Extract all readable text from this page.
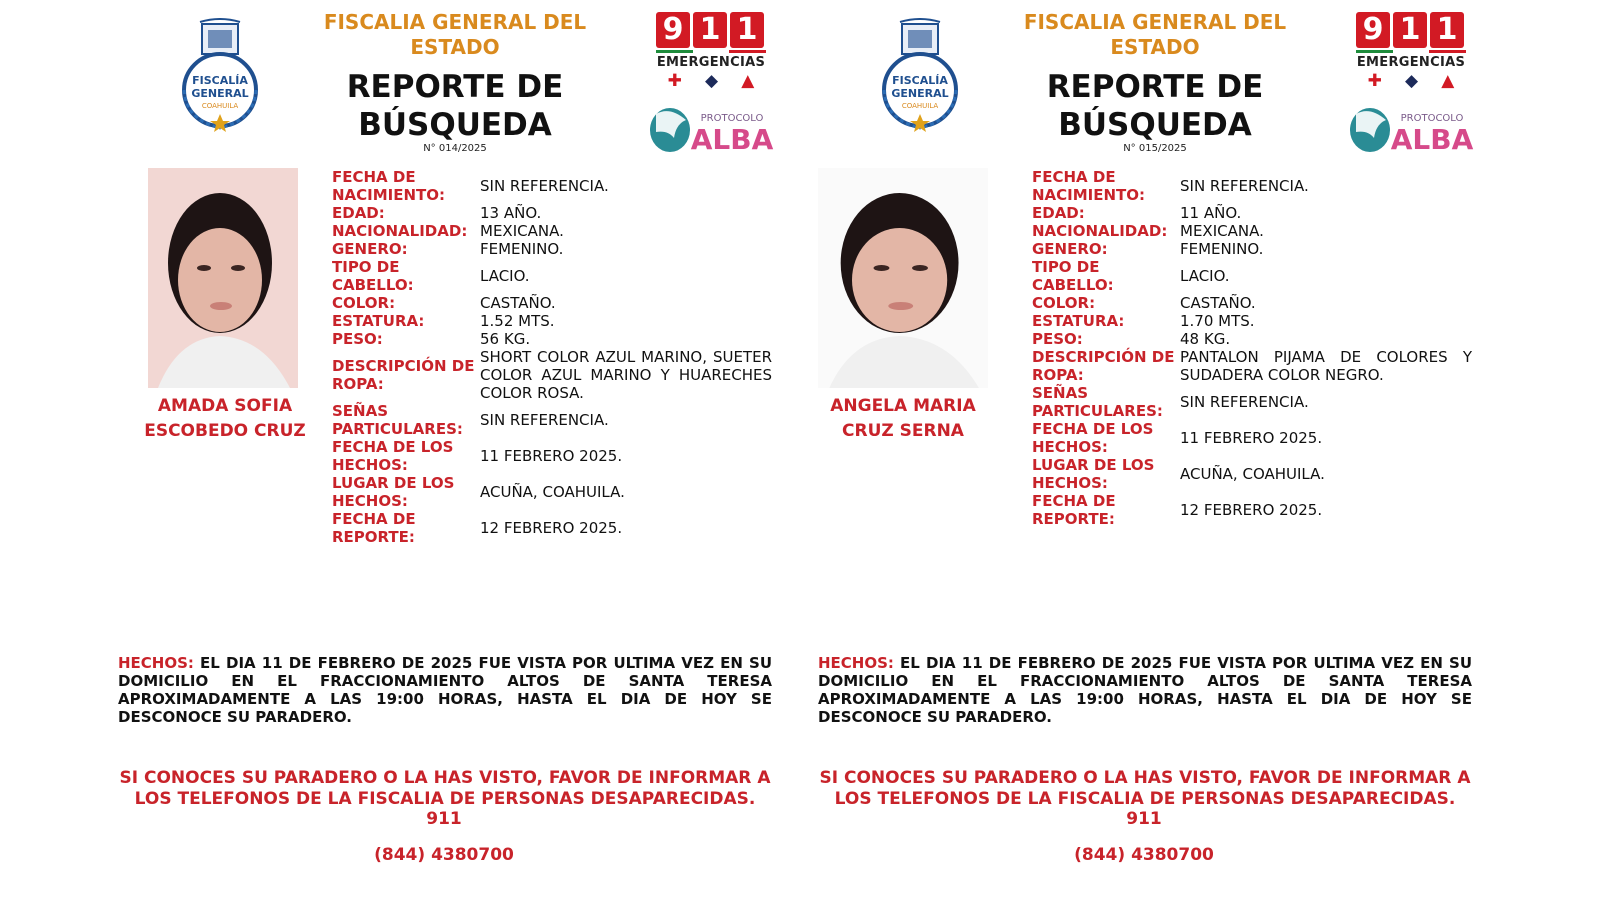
FISCALÍA
GENERAL
COAHUILA
FISCALIA GENERAL DEL ESTADO
REPORTE DE BÚSQUEDA
N° 014/2025
9 1 1
EMERGENCIAS
✚ ◆ ▲
PROTOCOLO
ALBA
AMADA SOFIA ESCOBEDO CRUZ
FECHA DE NACIMIENTO:	SIN REFERENCIA.
EDAD:	13 AÑO.
NACIONALIDAD: MEXICANA.
GENERO:	FEMENINO.
TIPO DE CABELLO:	LACIO.
COLOR:	CASTAÑO.
ESTATURA:	1.52 MTS.
PESO:	56 KG.
DESCRIPCIÓN DE ROPA:
SHORT COLOR AZUL MARINO, SUETER COLOR AZUL MARINO Y HUARECHES COLOR ROSA.
SEÑAS PARTICULARES:	SIN REFERENCIA.
FECHA DE LOS HECHOS:	11 FEBRERO 2025.
LUGAR DE LOS HECHOS:	ACUÑA, COAHUILA.
FECHA DE REPORTE:	12 FEBRERO 2025.
HECHOS: EL DIA 11 DE FEBRERO DE 2025 FUE VISTA POR ULTIMA VEZ EN SU DOMICILIO EN EL FRACCIONAMIENTO ALTOS DE SANTA TERESA APROXIMADAMENTE A LAS 19:00 HORAS, HASTA EL DIA DE HOY SE DESCONOCE SU PARADERO.
SI CONOCES SU PARADERO O LA HAS VISTO, FAVOR DE INFORMAR A LOS TELEFONOS DE LA FISCALIA DE PERSONAS DESAPARECIDAS.
911
(844) 4380700
FISCALÍA
GENERAL
COAHUILA
FISCALIA GENERAL DEL ESTADO
REPORTE DE BÚSQUEDA
N° 015/2025
9 1 1
EMERGENCIAS
✚ ◆ ▲
PROTOCOLO
ALBA
ANGELA MARIA CRUZ SERNA
FECHA DE NACIMIENTO:	SIN REFERENCIA.
EDAD:	11 AÑO.
NACIONALIDAD: MEXICANA.
GENERO:	FEMENINO.
TIPO DE CABELLO:	LACIO.
COLOR:	CASTAÑO.
ESTATURA:	1.70 MTS.
PESO:	48 KG.
DESCRIPCIÓN DE ROPA:
PANTALON PIJAMA DE COLORES Y SUDADERA COLOR NEGRO.
SEÑAS PARTICULARES:	SIN REFERENCIA.
FECHA DE LOS HECHOS:	11 FEBRERO 2025.
LUGAR DE LOS HECHOS:	ACUÑA, COAHUILA.
FECHA DE REPORTE:	12 FEBRERO 2025.
HECHOS: EL DIA 11 DE FEBRERO DE 2025 FUE VISTA POR ULTIMA VEZ EN SU DOMICILIO EN EL FRACCIONAMIENTO ALTOS DE SANTA TERESA APROXIMADAMENTE A LAS 19:00 HORAS, HASTA EL DIA DE HOY SE DESCONOCE SU PARADERO.
SI CONOCES SU PARADERO O LA HAS VISTO, FAVOR DE INFORMAR A LOS TELEFONOS DE LA FISCALIA DE PERSONAS DESAPARECIDAS.
911
(844) 4380700
